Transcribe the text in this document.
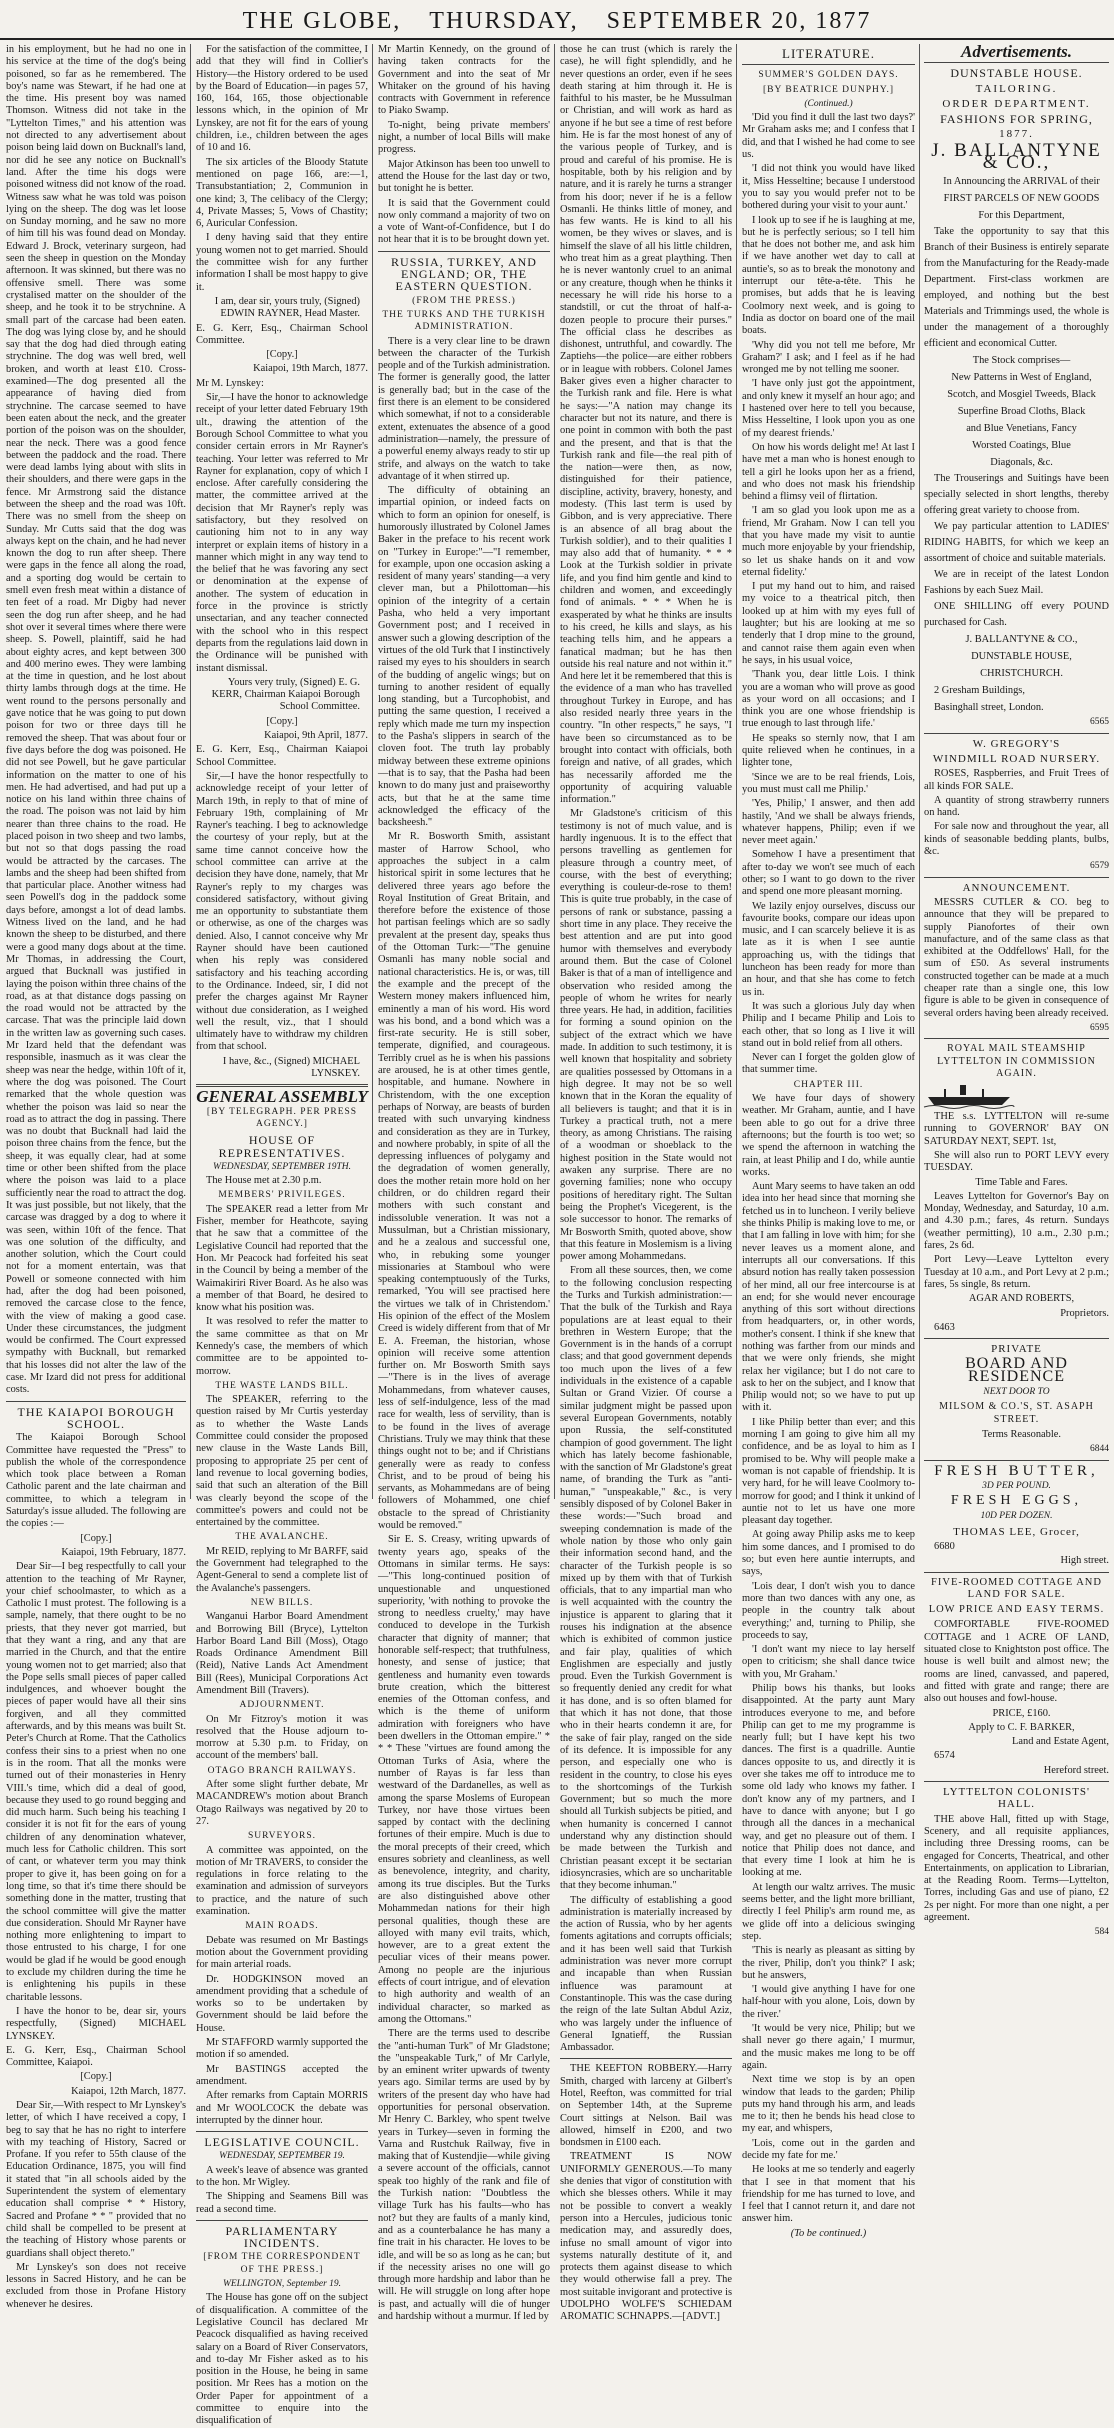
THE GLOBE, THURSDAY, SEPTEMBER 20, 1877

in his employment, but he had no one in his service at the time of the dog's being poisoned, so far as he remembered. The boy's name was Stewart, if he had one at the time. His present boy was named Thomson. Witness did not take in the "Lyttelton Times," and his attention was not directed to any advertisement about poison being laid down on Bucknall's land, nor did he see any notice on Bucknall's land. After the time his dogs were poisoned witness did not know of the road. Witness saw what he was told was poison lying on the sheep. The dog was let loose on Sunday morning, and he saw no more of him till his was found dead on Monday. Edward J. Brock, veterinary surgeon, had seen the sheep in question on the Monday afternoon. It was skinned, but there was no offensive smell. There was some crystalised matter on the shoulder of the sheep, and he took it to be strychnine. A small part of the carcase had been eaten. The dog was lying close by, and he should say that the dog had died through eating strychnine. The dog was well bred, well broken, and worth at least £10. Cross-examined—The dog presented all the appearance of having died from strychnine. The carcase seemed to have been eaten about the neck, and the greater portion of the poison was on the shoulder, near the neck. There was a good fence between the paddock and the road. There were dead lambs lying about with slits in their shoulders, and there were gaps in the fence. Mr Armstrong said the distance between the sheep and the road was 10ft. There was no smell from the sheep on Sunday. Mr Cutts said that the dog was always kept on the chain, and he had never known the dog to run after sheep. There were gaps in the fence all along the road, and a sporting dog would be certain to smell even fresh meat within a distance of ten feet of a road. Mr Digby had never seen the dog run after sheep, and he had shot over it several times where there were sheep. S. Powell, plaintiff, said he had about eighty acres, and kept between 300 and 400 merino ewes. They were lambing at the time in question, and he lost about thirty lambs through dogs at the time. He went round to the persons personally and gave notice that he was going to put down poison for two or three days till he removed the sheep. That was about four or five days before the dog was poisoned. He did not see Powell, but he gave particular information on the matter to one of his men. He had advertised, and had put up a notice on his land within three chains of the road. The poison was not laid by him nearer than three chains to the road. He placed poison in two sheep and two lambs, but not so that dogs passing the road would be attracted by the carcases. The lambs and the sheep had been shifted from that particular place. Another witness had seen Powell's dog in the paddock some days before, amongst a lot of dead lambs. Witness lived on the land, and he had known the sheep to be disturbed, and there were a good many dogs about at the time. Mr Thomas, in addressing the Court, argued that Bucknall was justified in laying the poison within three chains of the road, as at that distance dogs passing on the road would not be attracted by the carcase. That was the principle laid down in the written law as governing such cases. Mr Izard held that the defendant was responsible, inasmuch as it was clear the sheep was near the hedge, within 10ft of it, where the dog was poisoned. The Court remarked that the whole question was whether the poison was laid so near the road as to attract the dog in passing. There was no doubt that Bucknall had laid the poison three chains from the fence, but the sheep, it was equally clear, had at some time or other been shifted from the place where the poison was laid to a place sufficiently near the road to attract the dog. It was just possible, but not likely, that the carcase was dragged by a dog to where it was seen, within 10ft of the fence. That was one solution of the difficulty, and another solution, which the Court could not for a moment entertain, was that Powell or someone connected with him had, after the dog had been poisoned, removed the carcase close to the fence, with the view of making a good case. Under these circumstances, the judgment would be confirmed. The Court expressed sympathy with Bucknall, but remarked that his losses did not alter the law of the case. Mr Izard did not press for additional costs.

THE KAIAPOI BOROUGH SCHOOL.

The Kaiapoi Borough School Committee have requested the "Press" to publish the whole of the correspondence which took place between a Roman Catholic parent and the late chairman and committee, to which a telegram in Saturday's issue alluded. The following are the copies :—

[Copy.]

Kaiapoi, 19th February, 1877.

Dear Sir—I beg respectfully to call your attention to the teaching of Mr Rayner, your chief schoolmaster, to which as a Catholic I must protest. The following is a sample, namely, that there ought to be no priests, that they never got married, but that they want a ring, and any that are married in the Church, and that the entire young women not to get married; also that the Pope sells small pieces of paper called indulgences, and whoever bought the pieces of paper would have all their sins forgiven, and all they committed afterwards, and by this means was built St. Peter's Church at Rome. That the Catholics confess their sins to a priest when no one is in the room. That all the monks were turned out of their monasteries in Henry VIII.'s time, which did a deal of good, because they used to go round begging and did much harm. Such being his teaching I consider it is not fit for the ears of young children of any denomination whatever, much less for Catholic children. This sort of cant, or whatever term you may think proper to give it, has been going on for a long time, so that it's time there should be something done in the matter, trusting that the school committee will give the matter due consideration. Should Mr Rayner have nothing more enlightening to impart to those entrusted to his charge, I for one would be glad if he would be good enough to exclude my children during the time he is enlightening his pupils in these charitable lessons.

I have the honor to be, dear sir, yours respectfully, (Signed) MICHAEL LYNSKEY.

E. G. Kerr, Esq., Chairman School Committee, Kaiapoi.

[Copy.]

Kaiapoi, 12th March, 1877.

Dear Sir,—With respect to Mr Lynskey's letter, of which I have received a copy, I beg to say that he has no right to interfere with my teaching of History, Sacred or Profane. If you refer to 55th clause of the Education Ordinance, 1875, you will find it stated that "in all schools aided by the Superintendent the system of elementary education shall comprise * * History, Sacred and Profane * * " provided that no child shall be compelled to be present at the teaching of History whose parents or guardians shall object thereto."

Mr Lynskey's son does not receive lessons in Sacred History, and he can be excluded from those in Profane History whenever he desires.

For the satisfaction of the committee, I add that they will find in Collier's History—the History ordered to be used by the Board of Education—in pages 57, 160, 164, 165, those objectionable lessons which, in the opinion of Mr Lynskey, are not fit for the ears of young children, i.e., children between the ages of 10 and 16.

The six articles of the Bloody Statute mentioned on page 166, are:—1, Transubstantiation; 2, Communion in one kind; 3, The celibacy of the Clergy; 4, Private Masses; 5, Vows of Chastity; 6, Auricular Confession.

I deny having said that they entire young women not to get married. Should the committee wish for any further information I shall be most happy to give it.

I am, dear sir, yours truly, (Signed) EDWIN RAYNER, Head Master.

E. G. Kerr, Esq., Chairman School Committee.

[Copy.]

Kaiapoi, 19th March, 1877.

Mr M. Lynskey:

Sir,—I have the honor to acknowledge receipt of your letter dated February 19th ult., drawing the attention of the Borough School Committee to what you consider certain errors in Mr Rayner's teaching. Your letter was referred to Mr Rayner for explanation, copy of which I enclose. After carefully considering the matter, the committee arrived at the decision that Mr Rayner's reply was satisfactory, but they resolved on cautioning him not to in any way interpret or explain items of history in a manner which might in any way tend to the belief that he was favoring any sect or denomination at the expense of another. The system of education in force in the province is strictly unsectarian, and any teacher connected with the school who in this respect departs from the regulations laid down in the Ordinance will be punished with instant dismissal.

Yours very truly, (Signed) E. G. KERR, Chairman Kaiapoi Borough School Committee.

[Copy.]

Kaiapoi, 9th April, 1877.

E. G. Kerr, Esq., Chairman Kaiapoi School Committee.

Sir,—I have the honor respectfully to acknowledge receipt of your letter of March 19th, in reply to that of mine of February 19th, complaining of Mr Rayner's teaching. I beg to acknowledge the courtesy of your reply, but at the same time cannot conceive how the school committee can arrive at the decision they have done, namely, that Mr Rayner's reply to my charges was considered satisfactory, without giving me an opportunity to substantiate them or otherwise, as one of the charges was denied. Also, I cannot conceive why Mr Rayner should have been cautioned when his reply was considered satisfactory and his teaching according to the Ordinance. Indeed, sir, I did not prefer the charges against Mr Rayner without due consideration, as I weighed well the result, viz., that I should ultimately have to withdraw my children from that school.

I have, &c., (Signed) MICHAEL LYNSKEY.

GENERAL ASSEMBLY
[BY TELEGRAPH. PER PRESS AGENCY.]
HOUSE OF REPRESENTATIVES.
WEDNESDAY, SEPTEMBER 19TH.

The House met at 2.30 p.m.

MEMBERS' PRIVILEGES.

The SPEAKER read a letter from Mr Fisher, member for Heathcote, saying that he saw that a committee of the Legislative Council had reported that the Hon. Mr Peacock had forfeited his seat in the Council by being a member of the Waimakiriri River Board. As he also was a member of that Board, he desired to know what his position was.

It was resolved to refer the matter to the same committee as that on Mr Kennedy's case, the members of which committee are to be appointed to-morrow.

THE WASTE LANDS BILL.

The SPEAKER, referring to the question raised by Mr Curtis yesterday as to whether the Waste Lands Committee could consider the proposed new clause in the Waste Lands Bill, proposing to appropriate 25 per cent of land revenue to local governing bodies, said that such an alteration of the Bill was clearly beyond the scope of the committee's powers and could not be entertained by the committee.

THE AVALANCHE.

Mr REID, replying to Mr BARFF, said the Government had telegraphed to the Agent-General to send a complete list of the Avalanche's passengers.

NEW BILLS.

Wanganui Harbor Board Amendment and Borrowing Bill (Bryce), Lyttelton Harbor Board Land Bill (Moss), Otago Roads Ordinance Amendment Bill (Reid), Native Lands Act Amendment Bill (Rees), Municipal Corporations Act Amendment Bill (Travers).

ADJOURNMENT.

On Mr Fitzroy's motion it was resolved that the House adjourn to-morrow at 5.30 p.m. to Friday, on account of the members' ball.

OTAGO BRANCH RAILWAYS.

After some slight further debate, Mr MACANDREW's motion about Branch Otago Railways was negatived by 20 to 27.

SURVEYORS.

A committee was appointed, on the motion of Mr TRAVERS, to consider the regulations in force relating to the examination and admission of surveyors to practice, and the nature of such examination.

MAIN ROADS.

Debate was resumed on Mr Bastings motion about the Government providing for main arterial roads.

Dr. HODGKINSON moved an amendment providing that a schedule of works so to be undertaken by Government should be laid before the House.

Mr STAFFORD warmly supported the motion if so amended.

Mr BASTINGS accepted the amendment.

After remarks from Captain MORRIS and Mr WOOLCOCK the debate was interrupted by the dinner hour.

LEGISLATIVE COUNCIL.
WEDNESDAY, SEPTEMBER 19.

A week's leave of absence was granted to the hon. Mr Wigley.

The Shipping and Seamens Bill was read a second time.

PARLIAMENTARY INCIDENTS.
[FROM THE CORRESPONDENT OF THE PRESS.]
WELLINGTON, September 19.

The House has gone off on the subject of disqualification. A committee of the Legislative Council has declared Mr Peacock disqualified as having received salary on a Board of River Conservators, and to-day Mr Fisher asked as to his position in the House, he being in same position. Mr Rees has a motion on the Order Paper for appointment of a committee to enquire into the disqualification of

Mr Martin Kennedy, on the ground of having taken contracts for the Government and into the seat of Mr Whitaker on the ground of his having contracts with Government in reference to Piako Swamp.

To-night, being private members' night, a number of local Bills will make progress.

Major Atkinson has been too unwell to attend the House for the last day or two, but tonight he is better.

It is said that the Government could now only command a majority of two on a vote of Want-of-Confidence, but I do not hear that it is to be brought down yet.

RUSSIA, TURKEY, AND ENGLAND; OR, THE EASTERN QUESTION.
(FROM THE PRESS.)
THE TURKS AND THE TURKISH ADMINISTRATION.

There is a very clear line to be drawn between the character of the Turkish people and of the Turkish administration. The former is generally good, the latter is generally bad; but in the case of the first there is an element to be considered which somewhat, if not to a considerable extent, extenuates the absence of a good administration—namely, the pressure of a powerful enemy always ready to stir up strife, and always on the watch to take advantage of it when stirred up.

The difficulty of obtaining an impartial opinion, or indeed facts on which to form an opinion for oneself, is humorously illustrated by Colonel James Baker in the preface to his recent work on "Turkey in Europe:"—"I remember, for example, upon one occasion asking a resident of many years' standing—a very clever man, but a Philottoman—his opinion of the integrity of a certain Pasha, who held a very important Government post; and I received in answer such a glowing description of the virtues of the old Turk that I instinctively raised my eyes to his shoulders in search of the budding of angelic wings; but on turning to another resident of equally long standing, but a Turcophobist, and putting the same question, I received a reply which made me turn my inspection to the Pasha's slippers in search of the cloven foot. The truth lay probably midway between these extreme opinions—that is to say, that the Pasha had been known to do many just and praiseworthy acts, but that he at the same time acknowledged the efficacy of the backsheesh."

Mr R. Bosworth Smith, assistant master of Harrow School, who approaches the subject in a calm historical spirit in some lectures that he delivered three years ago before the Royal Institution of Great Britain, and therefore before the existence of those hot partisan feelings which are so sadly prevalent at the present day, speaks thus of the Ottoman Turk:—"The genuine Osmanli has many noble social and national characteristics. He is, or was, till the example and the precept of the Western money makers influenced him, eminently a man of his word. His word was his bond, and a bond which was a first-rate security. He is still sober, temperate, dignified, and courageous. Terribly cruel as he is when his passions are aroused, he is at other times gentle, hospitable, and humane. Nowhere in Christendom, with the one exception perhaps of Norway, are beasts of burden treated with such unvarying kindness and consideration as they are in Turkey, and nowhere probably, in spite of all the depressing influences of polygamy and the degradation of women generally, does the mother retain more hold on her children, or do children regard their mothers with such constant and indissoluble veneration. It was not a Mussulman, but a Christian missionary, and he a zealous and successful one, who, in rebuking some younger missionaries at Stamboul who were speaking contemptuously of the Turks, remarked, 'You will see practised here the virtues we talk of in Christendom.' His opinion of the effect of the Moslem Creed is widely different from that of Mr E. A. Freeman, the historian, whose opinion will receive some attention further on. Mr Bosworth Smith says—"There is in the lives of average Mohammedans, from whatever causes, less of self-indulgence, less of the mad race for wealth, less of servility, than is to be found in the lives of average Christians. Truly we may think that these things ought not to be; and if Christians generally were as ready to confess Christ, and to be proud of being his servants, as Mohammedans are of being followers of Mohammed, one chief obstacle to the spread of Christianity would be removed."

Sir E. S. Creasy, writing upwards of twenty years ago, speaks of the Ottomans in similar terms. He says:—"This long-continued position of unquestionable and unquestioned superiority, 'with nothing to provoke the strong to needless cruelty,' may have conduced to develope in the Turkish character that dignity of manner; that honorable self-respect; that truthfulness, honesty, and sense of justice; that gentleness and humanity even towards brute creation, which the bitterest enemies of the Ottoman confess, and which is the theme of uniform admiration with foreigners who have been dwellers in the Ottoman empire." * * * These "virtues are found among the Ottoman Turks of Asia, where the number of Rayas is far less than westward of the Dardanelles, as well as among the sparse Moslems of European Turkey, nor have those virtues been sapped by contact with the declining fortunes of their empire. Much is due to the moral precepts of their creed, which ensures sobriety and cleanliness, as well as benevolence, integrity, and charity, among its true disciples. But the Turks are also distinguished above other Mohammedan nations for their high personal qualities, though these are alloyed with many evil traits, which, however, are to a great extent the peculiar vices of their means power. Among no people are the injurious effects of court intrigue, and of elevation to high authority and wealth of an individual character, so marked as among the Ottomans."

There are the terms used to describe the "anti-human Turk" of Mr Gladstone; the "unspeakable Turk," of Mr Carlyle, by an eminent writer upwards of twenty years ago. Similar terms are used by by writers of the present day who have had opportunities for personal observation. Mr Henry C. Barkley, who spent twelve years in Turkey—seven in forming the Varna and Rustchuk Railway, five in making that of Kustendjie—while giving a severe account of the officials, cannot speak too highly of the rank and file of the Turkish nation: "Doubtless the village Turk has his faults—who has not? but they are faults of a manly kind, and as a counterbalance he has many a fine trait in his character. He loves to be idle, and will be so as long as he can; but if the necessity arises no one will go through more hardship and labor than he will. He will struggle on long after hope is past, and actually will die of hunger and hardship without a murmur. If led by

those he can trust (which is rarely the case), he will fight splendidly, and he never questions an order, even if he sees death staring at him through it. He is faithful to his master, be he Mussulman or Christian, and will work as hard as anyone if he but see a time of rest before him. He is far the most honest of any of the various people of Turkey, and is proud and careful of his promise. He is hospitable, both by his religion and by nature, and it is rarely he turns a stranger from his door; never if he is a fellow Osmanli. He thinks little of money, and has few wants. He is kind to all his women, be they wives or slaves, and is himself the slave of all his little children, who treat him as a great plaything. Then he is never wantonly cruel to an animal or any creature, though when he thinks it necessary he will ride his horse to a standstill, or cut the throat of half-a-dozen people to procure their purses." The official class he describes as dishonest, untruthful, and cowardly. The Zaptiehs—the police—are either robbers or in league with robbers. Colonel James Baker gives even a higher character to the Turkish rank and file. Here is what he says:—"A nation may change its character but not its nature, and there is one point in common with both the past and the present, and that is that the Turkish rank and file—the real pith of the nation—were then, as now, distinguished for their patience, discipline, activity, bravery, honesty, and modesty. (This last term is used by Gibbon, and is very appreciative. There is an absence of all brag about the Turkish soldier), and to their qualities I may also add that of humanity. * * * Look at the Turkish soldier in private life, and you find him gentle and kind to children and women, and exceedingly fond of animals. * * * When he is exasperated by what he thinks are insults to his creed, he kills and slays, as his teaching tells him, and he appears a fanatical madman; but he has then outside his real nature and not within it." And here let it be remembered that this is the evidence of a man who has travelled throughout Turkey in Europe, and has also resided nearly three years in the country. "In other respects," he says, "I have been so circumstanced as to be brought into contact with officials, both foreign and native, of all grades, which has necessarily afforded me the opportunity of acquiring valuable information."

Mr Gladstone's criticism of this testimony is not of much value, and is hardly ingenuous. It is to the effect that persons travelling as gentlemen for pleasure through a country meet, of course, with the best of everything; everything is couleur-de-rose to them! This is quite true probably, in the case of persons of rank or substance, passing a short time in any place. They receive the best attention and are put into good humor with themselves and everybody around them. But the case of Colonel Baker is that of a man of intelligence and observation who resided among the people of whom he writes for nearly three years. He had, in addition, facilities for forming a sound opinion on the subject of the extract which we have made. In addition to such testimony, it is well known that hospitality and sobriety are qualities possessed by Ottomans in a high degree. It may not be so well known that in the Koran the equality of all believers is taught; and that it is in Turkey a practical truth, not a mere theory, as among Christians. The raising of a woodman or shoeblack to the highest position in the State would not awaken any surprise. There are no governing families; none who occupy positions of hereditary right. The Sultan being the Prophet's Vicegerent, is the sole successor to honor. The remarks of Mr Bosworth Smith, quoted above, show that this feature in Moslemism is a living power among Mohammedans.

From all these sources, then, we come to the following conclusion respecting the Turks and Turkish administration:—That the bulk of the Turkish and Raya populations are at least equal to their brethren in Western Europe; that the Government is in the hands of a corrupt class; and that good government depends too much upon the lives of a few individuals in the existence of a capable Sultan or Grand Vizier. Of course a similar judgment might be passed upon several European Governments, notably upon Russia, the self-constituted champion of good government. The light which has lately become fashionable, with the sanction of Mr Gladstone's great name, of branding the Turk as "anti-human," "unspeakable," &c., is very sensibly disposed of by Colonel Baker in these words:—"Such broad and sweeping condemnation is made of the whole nation by those who only gain their information second hand, and the character of the Turkish people is so mixed up by them with that of Turkish officials, that to any impartial man who is well acquainted with the country the injustice is apparent to glaring that it rouses his indignation at the absence which is exhibited of common justice and fair play, qualities of which Englishmen are especially and justly proud. Even the Turkish Government is so frequently denied any credit for what it has done, and is so often blamed for that which it has not done, that those who in their hearts condemn it are, for the sake of fair play, ranged on the side of its defence. It is impossible for any person, and especially one who is resident in the country, to close his eyes to the shortcomings of the Turkish Government; but so much the more should all Turkish subjects be pitied, and when humanity is concerned I cannot understand why any distinction should be made between the Turkish and Christian peasant except it be sectarian idiosyncrasies, which are so uncharitable that they become inhuman."

The difficulty of establishing a good administration is materially increased by the action of Russia, who by her agents foments agitations and corrupts officials; and it has been well said that Turkish administration was never more corrupt and incapable than when Russian influence was paramount at Constantinople. This was the case during the reign of the late Sultan Abdul Aziz, who was largely under the influence of General Ignatieff, the Russian Ambassador.

THE KEEFTON ROBBERY.—Harry Smith, charged with larceny at Gilbert's Hotel, Reefton, was committed for trial on September 14th, at the Supreme Court sittings at Nelson. Bail was allowed, himself in £200, and two bondsmen in £100 each.

TREATMENT IS NOW UNIFORMLY GENEROUS.—To many she denies that vigor of constitution with which she blesses others. While it may not be possible to convert a weakly person into a Hercules, judicious tonic medication may, and assuredly does, infuse no small amount of vigor into systems naturally destitute of it, and protects them against disease to which they would otherwise fall a prey. The most suitable invigorant and protective is UDOLPHO WOLFE'S SCHIEDAM AROMATIC SCHNAPPS.—[ADVT.]

LITERATURE.
SUMMER'S GOLDEN DAYS.
[BY BEATRICE DUNPHY.]
(Continued.)

'Did you find it dull the last two days?' Mr Graham asks me; and I confess that I did, and that I wished he had come to see us.

'I did not think you would have liked it, Miss Hesseltine; because I understood you to say you would prefer not to be bothered during your visit to your aunt.'

I look up to see if he is laughing at me, but he is perfectly serious; so I tell him that he does not bother me, and ask him if we have another wet day to call at auntie's, so as to break the monotony and interrupt our tête-a-tête. This he promises, but adds that he is leaving Coolmory next week, and is going to India as doctor on board one of the mail boats.

'Why did you not tell me before, Mr Graham?' I ask; and I feel as if he had wronged me by not telling me sooner.

'I have only just got the appointment, and only knew it myself an hour ago; and I hastened over here to tell you because, Miss Hesseltine, I look upon you as one of my dearest friends.'

On how his words delight me! At last I have met a man who is honest enough to tell a girl he looks upon her as a friend, and who does not mask his friendship behind a flimsy veil of flirtation.

'I am so glad you look upon me as a friend, Mr Graham. Now I can tell you that you have made my visit to auntie much more enjoyable by your friendship, so let us shake hands on it and vow eternal fidelity.'

I put my hand out to him, and raised my voice to a theatrical pitch, then looked up at him with my eyes full of laughter; but his are looking at me so tenderly that I drop mine to the ground, and cannot raise them again even when he says, in his usual voice,

'Thank you, dear little Lois. I think you are a woman who will prove as good as your word on all occasions; and I think you are one whose friendship is true enough to last through life.'

He speaks so sternly now, that I am quite relieved when he continues, in a lighter tone,

'Since we are to be real friends, Lois, you must must call me Philip.'

'Yes, Philip,' I answer, and then add hastily, 'And we shall be always friends, whatever happens, Philip; even if we never meet again.'

Somehow I have a presentiment that after to-day we won't see much of each other; so I want to go down to the river and spend one more pleasant morning.

We lazily enjoy ourselves, discuss our favourite books, compare our ideas upon music, and I can scarcely believe it is as late as it is when I see auntie approaching us, with the tidings that luncheon has been ready for more than an hour, and that she has come to fetch us in.

It was such a glorious July day when Philip and I became Philip and Lois to each other, that so long as I live it will stand out in bold relief from all others.

Never can I forget the golden glow of that summer time.

CHAPTER III.

We have four days of showery weather. Mr Graham, auntie, and I have been able to go out for a drive three afternoons; but the fourth is too wet; so we spend the afternoon in watching the rain, at least Philip and I do, while auntie works.

Aunt Mary seems to have taken an odd idea into her head since that morning she fetched us in to luncheon. I verily believe she thinks Philip is making love to me, or that I am falling in love with him; for she never leaves us a moment alone, and interrupts all our conversations. If this absurd notion has really taken possession of her mind, all our free intercourse is at an end; for she would never encourage anything of this sort without directions from headquarters, or, in other words, mother's consent. I think if she knew that nothing was farther from our minds and that we were only friends, she might relax her vigilance; but I do not care to ask to her on the subject, and I know that Philip would not; so we have to put up with it.

I like Philip better than ever; and this morning I am going to give him all my confidence, and be as loyal to him as I promised to be. Why will people make a woman is not capable of friendship. It is very hard, for he will leave Coolmory to-morrow for good; and I think it unkind of auntie not to let us have one more pleasant day together.

At going away Philip asks me to keep him some dances, and I promised to do so; but even here auntie interrupts, and says,

'Lois dear, I don't wish you to dance more than two dances with any one, as people in the country talk about everything;' and, turning to Philip, she proceeds to say,

'I don't want my niece to lay herself open to criticism; she shall dance twice with you, Mr Graham.'

Philip bows his thanks, but looks disappointed. At the party aunt Mary introduces everyone to me, and before Philip can get to me my programme is nearly full; but I have kept his two dances. The first is a quadrille. Auntie dances opposite to us, and directly it is over she takes me off to introduce me to some old lady who knows my father. I don't know any of my partners, and I have to dance with anyone; but I go through all the dances in a mechanical way, and get no pleasure out of them. I notice that Philip does not dance, and that every time I look at him he is looking at me.

At length our waltz arrives. The music seems better, and the light more brilliant, directly I feel Philip's arm round me, as we glide off into a delicious swinging step.

'This is nearly as pleasant as sitting by the river, Philip, don't you think?' I ask; but he answers,

'I would give anything I have for one half-hour with you alone, Lois, down by the river.'

'It would be very nice, Philip; but we shall never go there again,' I murmur, and the music makes me long to be off again.

Next time we stop is by an open window that leads to the garden; Philip puts my hand through his arm, and leads me to it; then he bends his head close to my ear, and whispers,

'Lois, come out in the garden and decide my fate for me.'

He looks at me so tenderly and eagerly that I see in that moment that his friendship for me has turned to love, and I feel that I cannot return it, and dare not answer him.

(To be continued.)

Advertisements.
DUNSTABLE HOUSE.
TAILORING.
ORDER DEPARTMENT.
FASHIONS FOR SPRING,
1877.
J. BALLANTYNE & CO.,

In Announcing the ARRIVAL of their

FIRST PARCELS OF NEW GOODS

For this Department,

Take the opportunity to say that this Branch of their Business is entirely separate from the Manufacturing for the Ready-made Department. First-class workmen are employed, and nothing but the best Materials and Trimmings used, the whole is under the management of a thoroughly efficient and economical Cutter.

The Stock comprises—

New Patterns in West of England,

Scotch, and Mosgiel Tweeds, Black

Superfine Broad Cloths, Black

and Blue Venetians, Fancy

Worsted Coatings, Blue

Diagonals, &c.

The Trouserings and Suitings have been specially selected in short lengths, thereby offering great variety to choose from.

We pay particular attention to LADIES' RIDING HABITS, for which we keep an assortment of choice and suitable materials.

We are in receipt of the latest London Fashions by each Suez Mail.

ONE SHILLING off every POUND purchased for Cash.

J. BALLANTYNE & CO.,

DUNSTABLE HOUSE,

CHRISTCHURCH.

2 Gresham Buildings,

Basinghall street, London.

6565

W. GREGORY'S
WINDMILL ROAD NURSERY.

ROSES, Raspberries, and Fruit Trees of all kinds FOR SALE.

A quantity of strong strawberry runners on hand.

For sale now and throughout the year, all kinds of seasonable bedding plants, bulbs, &c.

6579

ANNOUNCEMENT.

MESSRS CUTLER & CO. beg to announce that they will be prepared to supply Pianofortes of their own manufacture, and of the same class as that exhibited at the Oddfellows' Hall, for the sum of £50. As several instruments constructed together can be made at a much cheaper rate than a single one, this low figure is able to be given in consequence of several orders having been already received.

6595

ROYAL MAIL STEAMSHIP LYTTELTON IN COMMISSION AGAIN.

THE s.s. LYTTELTON will re-sume running to GOVERNOR' BAY ON SATURDAY NEXT, SEPT. 1st,

She will also run to PORT LEVY every TUESDAY.

Time Table and Fares.

Leaves Lyttelton for Governor's Bay on Monday, Wednesday, and Saturday, 10 a.m. and 4.30 p.m.; fares, 4s return. Sundays (weather permitting), 10 a.m., 2.30 p.m.; fares, 2s 6d.

Port Levy—Leave Lyttelton every Tuesday at 10 a.m., and Port Levy at 2 p.m.; fares, 5s single, 8s return.

AGAR AND ROBERTS,

Proprietors.

6463

PRIVATE
BOARD AND RESIDENCE
NEXT DOOR TO
MILSOM & CO.'S, ST. ASAPH STREET.

Terms Reasonable.

6844

FRESH BUTTER,
3D PER POUND.
FRESH EGGS,
10D PER DOZEN.
THOMAS LEE, Grocer,

6680

High street.

FIVE-ROOMED COTTAGE AND LAND FOR SALE.
LOW PRICE AND EASY TERMS.

COMFORTABLE FIVE-ROOMED COTTAGE and 1 ACRE OF LAND, situated close to Knightston post office. The house is well built and almost new; the rooms are lined, canvassed, and papered, and fitted with grate and range; there are also out houses and fowl-house.

PRICE, £160.

Apply to C. F. BARKER,

Land and Estate Agent,

6574

Hereford street.

LYTTELTON COLONISTS' HALL.

THE above Hall, fitted up with Stage, Scenery, and all requisite appliances, including three Dressing rooms, can be engaged for Concerts, Theatrical, and other Entertainments, on application to Librarian, at the Reading Room. Terms—Lyttelton, Torres, including Gas and use of piano, £2 2s per night. For more than one night, a per agreement.

584
